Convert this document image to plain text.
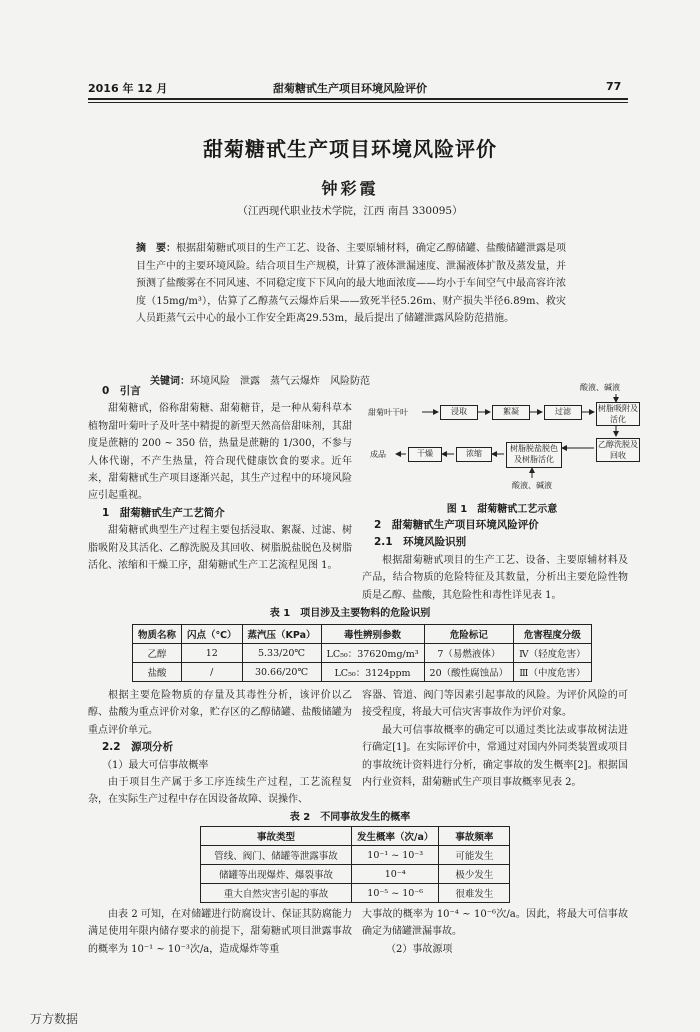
2016 年 12 月	甜菊糖甙生产项目环境风险评价	77
甜菊糖甙生产项目环境风险评价
钟彩霞
（江西现代职业技术学院，江西 南昌 330095）
摘　要：根据甜菊糖甙项目的生产工艺、设备、主要原辅材料，确定乙醇储罐、盐酸储罐泄露是项目生产中的主要环境风险。结合项目生产规模，计算了液体泄漏速度、泄漏液体扩散及蒸发量，并预测了盐酸雾在不同风速、不同稳定度下下风向的最大地面浓度——均小于车间空气中最高容许浓度（15mg/m³），估算了乙醇蒸气云爆炸后果——致死半径5.26m、财产损失半径6.89m、救灾人员距蒸气云中心的最小工作安全距离29.53m，最后提出了储罐泄露风险防范措施。
关键词：环境风险　泄露　蒸气云爆炸　风险防范
0　引言

甜菊糖甙，俗称甜菊糖、甜菊糖苷，是一种从菊科草本植物甜叶菊叶子及叶茎中精提的新型天然高倍甜味剂，其甜度是蔗糖的 200 ~ 350 倍，热量是蔗糖的 1/300，不参与人体代谢，不产生热量，符合现代健康饮食的要求。近年来，甜菊糖甙生产项目逐渐兴起，其生产过程中的环境风险应引起重视。

1　甜菊糖甙生产工艺简介

甜菊糖甙典型生产过程主要包括浸取、絮凝、过滤、树脂吸附及其活化、乙醇洗脱及其回收、树脂脱盐脱色及树脂活化、浓缩和干燥工序，甜菊糖甙生产工艺流程见图 1。

酸液、碱液
甜菊叶干叶	浸取	絮凝	过滤	树脂吸附及活化
乙醇洗脱及回收
树脂脱盐脱色及树脂活化
浓缩
干燥
成品
酸液、碱液
图 1　甜菊糖甙工艺示意
2　甜菊糖甙生产项目环境风险评价
2.1　环境风险识别

根据甜菊糖甙项目的生产工艺、设备、主要原辅材料及产品，结合物质的危险特征及其数量，分析出主要危险性物质是乙醇、盐酸，其危险性和毒性详见表 1。

表 1　项目涉及主要物料的危险识别
物质名称	闪点（℃）	蒸汽压（KPa）	毒性辨别参数	危险标记	危害程度分级
乙醇	12	5.33/20℃	LC₅₀：37620mg/m³	7（易燃液体）	Ⅳ（轻度危害）
盐酸	/	30.66/20℃	LC₅₀：3124ppm	20（酸性腐蚀品）	Ⅲ（中度危害）

根据主要危险物质的存量及其毒性分析，该评价以乙醇、盐酸为重点评价对象，贮存区的乙醇储罐、盐酸储罐为重点评价单元。

2.2　源项分析
（1）最大可信事故概率

由于项目生产属于多工序连续生产过程，工艺流程复杂，在实际生产过程中存在因设备故障、误操作、

容器、管道、阀门等因素引起事故的风险。为评价风险的可接受程度，将最大可信灾害事故作为评价对象。

最大可信事故概率的确定可以通过类比法或事故树法进行确定[1]。在实际评价中，常通过对国内外同类装置或项目的事故统计资料进行分析，确定事故的发生概率[2]。根据国内行业资料，甜菊糖甙生产项目事故概率见表 2。

表 2　不同事故发生的概率
事故类型	发生概率（次/a）	事故频率
管线、阀门、储罐等泄露事故	10⁻¹ ~ 10⁻³	可能发生
储罐等出现爆炸、爆裂事故	10⁻⁴	极少发生
重大自然灾害引起的事故	10⁻⁵ ~ 10⁻⁶	很难发生

由表 2 可知，在对储罐进行防腐设计、保证其防腐能力满足使用年限内储存要求的前提下，甜菊糖甙项目泄露事故的概率为 10⁻¹ ~ 10⁻³次/a，造成爆炸等重

大事故的概率为 10⁻⁴ ~ 10⁻⁶次/a。因此，将最大可信事故确定为储罐泄漏事故。

（2）事故源项
万方数据
